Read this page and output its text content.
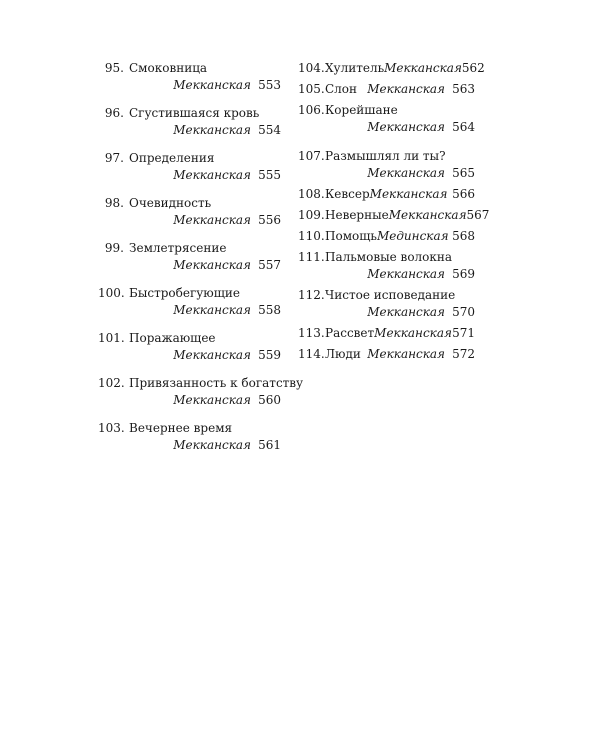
95. Смоковница
Мекканская 553
96. Сгустившаяся кровь
Мекканская 554
97. Определения
Мекканская 555
98. Очевидность
Мекканская 556
99. Землетрясение
Мекканская 557
100. Быстробегующие
Мекканская 558
101. Поражающее
Мекканская 559
102. Привязанность к богатству
Мекканская 560
103. Вечернее время
Мекканская 561
104. Хулитель Мекканская 562
105. Слон Мекканская 563
106. Корейшане
Мекканская 564
107. Размышлял ли ты?
Мекканская 565
108. Кевсер Мекканская 566
109. Неверные Мекканская 567
110. Помощь Мединская 568
111. Пальмовые волокна
Мекканская 569
112. Чистое исповедание
Мекканская 570
113. Рассвет Мекканская 571
114. Люди Мекканская 572
